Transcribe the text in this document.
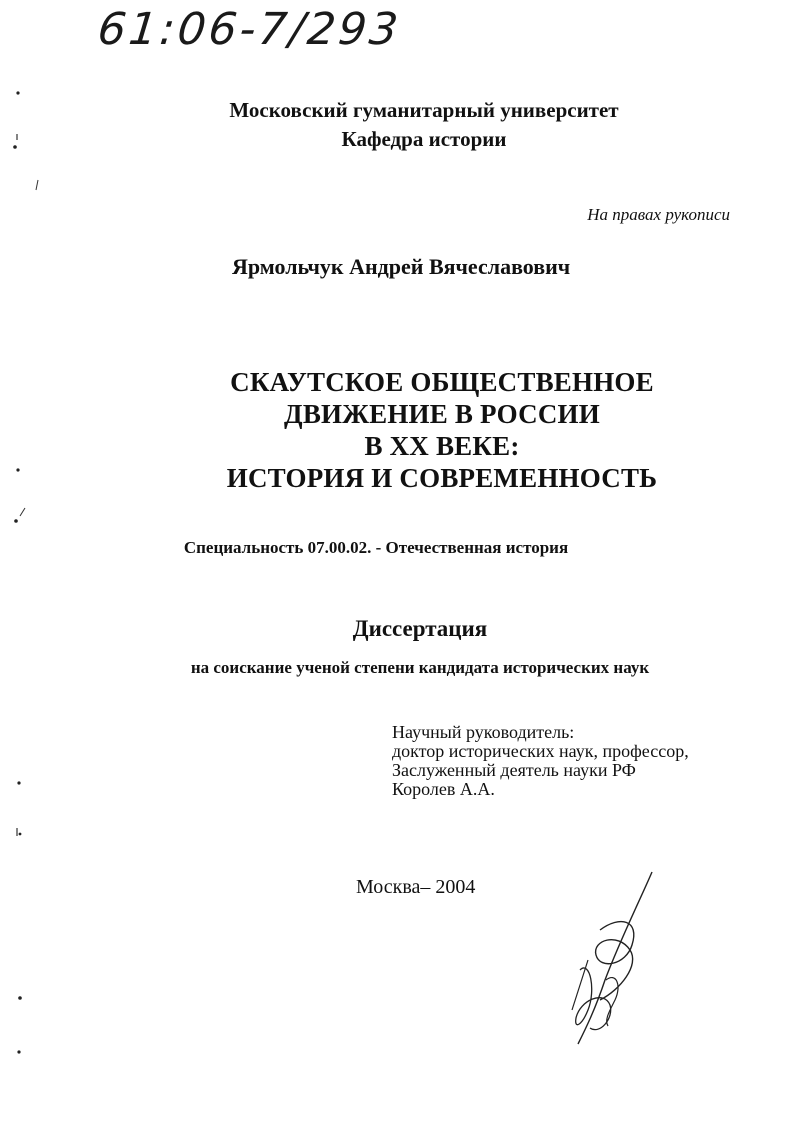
61:06-7/293
Московский гуманитарный университет
Кафедра истории
На правах рукописи
Ярмольчук Андрей Вячеславович
СКАУТСКОЕ ОБЩЕСТВЕННОЕ
ДВИЖЕНИЕ В РОССИИ
В XX ВЕКЕ:
ИСТОРИЯ И СОВРЕМЕННОСТЬ
Специальность 07.00.02. - Отечественная история
Диссертация
на соискание ученой степени кандидата исторических наук
Научный руководитель:
доктор исторических наук, профессор,
Заслуженный деятель науки РФ
Королев А.А.
Москва– 2004
